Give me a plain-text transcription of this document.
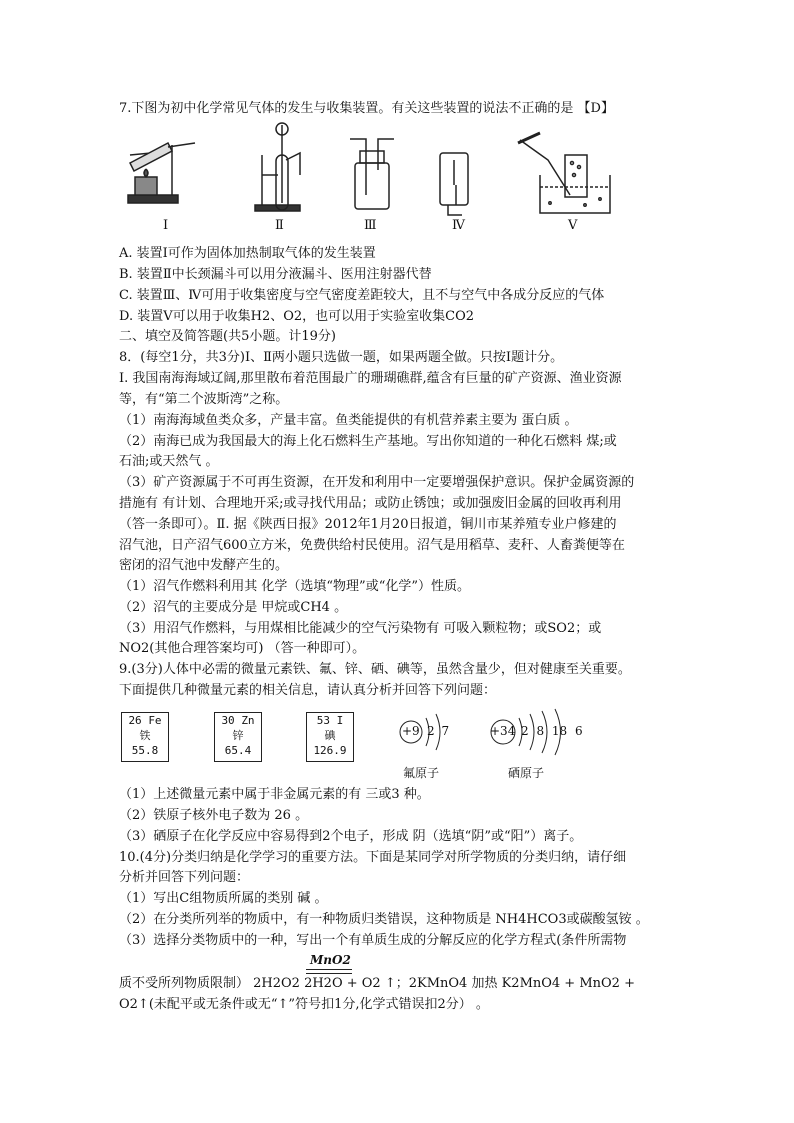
7.下图为初中化学常见气体的发生与收集装置。有关这些装置的说法不正确的是 【D】
Ⅰ	Ⅱ	Ⅲ	Ⅳ	Ⅴ
A. 装置Ⅰ可作为固体加热制取气体的发生装置
B. 装置Ⅱ中长颈漏斗可以用分液漏斗、医用注射器代替
C. 装置Ⅲ、Ⅳ可用于收集密度与空气密度差距较大，且不与空气中各成分反应的气体
D. 装置Ⅴ可以用于收集H2、O2，也可以用于实验室收集CO2
二、填空及简答题(共5小题。计19分)
8．(每空1分，共3分)Ⅰ、Ⅱ两小题只选做一题，如果两题全做。只按Ⅰ题计分。
I. 我国南海海域辽阔,那里散布着范围最广的珊瑚礁群,蕴含有巨量的矿产资源、渔业资源
等，有“第二个波斯湾”之称。
（1）南海海域鱼类众多，产量丰富。鱼类能提供的有机营养素主要为 蛋白质 。
（2）南海已成为我国最大的海上化石燃料生产基地。写出你知道的一种化石燃料 煤;或
石油;或天然气 。
（3）矿产资源属于不可再生资源，在开发和利用中一定要增强保护意识。保护金属资源的
措施有 有计划、合理地开采;或寻找代用品；或防止锈蚀；或加强废旧金属的回收再利用
（答一条即可）。Ⅱ. 据《陕西日报》2012年1月20日报道，铜川市某养殖专业户修建的
沼气池，日产沼气600立方米，免费供给村民使用。沼气是用稻草、麦秆、人畜粪便等在
密闭的沼气池中发酵产生的。
（1）沼气作燃料利用其 化学（选填“物理”或“化学”）性质。
（2）沼气的主要成分是 甲烷或CH4 。
（3）用沼气作燃料，与用煤相比能减少的空气污染物有 可吸入颗粒物；或SO2；或
NO2(其他合理答案均可) （答一种即可）。
9.(3分)人体中必需的微量元素铁、氟、锌、硒、碘等，虽然含量少，但对健康至关重要。
下面提供几种微量元素的相关信息，请认真分析并回答下列问题：
26 Fe
铁
55.8
30 Zn
锌
65.4
53 I
碘
126.9
+9 2 7
氟原子
+34 2 8 18 6
硒原子
（1）上述微量元素中属于非金属元素的有 三或3 种。
（2）铁原子核外电子数为 26 。
（3）硒原子在化学反应中容易得到2个电子，形成 阴（选填“阴”或“阳”）离子。
10.(4分)分类归纳是化学学习的重要方法。下面是某同学对所学物质的分类归纳，请仔细
分析并回答下列问题：
（1）写出C组物质所属的类别 碱 。
（2）在分类所列举的物质中，有一种物质归类错误，这种物质是 NH4HCO3或碳酸氢铵 。
（3）选择分类物质中的一种，写出一个有单质生成的分解反应的化学方程式(条件所需物
MnO2
质不受所列物质限制） 2H2O2 2H2O + O2 ↑；2KMnO4 加热 K2MnO4 + MnO2 +
O2↑(未配平或无条件或无“↑”符号扣1分,化学式错误扣2分） 。
